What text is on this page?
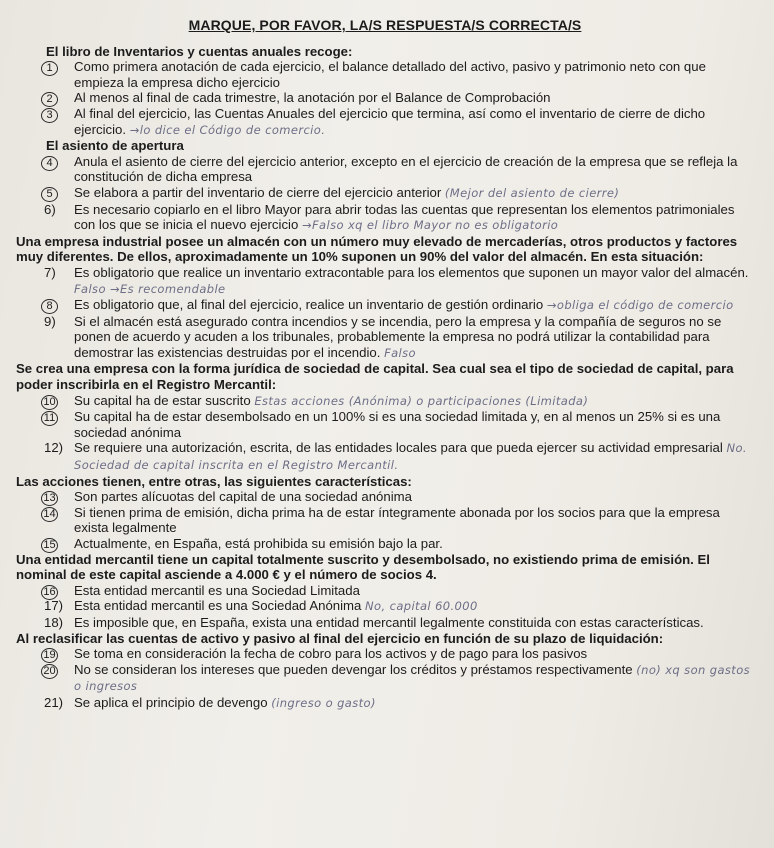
MARQUE, POR FAVOR, LA/S RESPUESTA/S CORRECTA/S
El libro de Inventarios y cuentas anuales recoge:
1	Como primera anotación de cada ejercicio, el balance detallado del activo, pasivo y patrimonio neto con que empieza la empresa dicho ejercicio
2	Al menos al final de cada trimestre, la anotación por el Balance de Comprobación
3	Al final del ejercicio, las Cuentas Anuales del ejercicio que termina, así como el inventario de cierre de dicho ejercicio. →lo dice el Código de comercio.
El asiento de apertura
4	Anula el asiento de cierre del ejercicio anterior, excepto en el ejercicio de creación de la empresa que se refleja la constitución de dicha empresa
5	Se elabora a partir del inventario de cierre del ejercicio anterior (Mejor del asiento de cierre)
6)	Es necesario copiarlo en el libro Mayor para abrir todas las cuentas que representan los elementos patrimoniales con los que se inicia el nuevo ejercicio →Falso xq el libro Mayor no es obligatorio
Una empresa industrial posee un almacén con un número muy elevado de mercaderías, otros productos y factores muy diferentes. De ellos, aproximadamente un 10% suponen un 90% del valor del almacén. En esta situación:
7)	Es obligatorio que realice un inventario extracontable para los elementos que suponen un mayor valor del almacén. Falso →Es recomendable
8	Es obligatorio que, al final del ejercicio, realice un inventario de gestión ordinario →obliga el código de comercio
9)	Si el almacén está asegurado contra incendios y se incendia, pero la empresa y la compañía de seguros no se ponen de acuerdo y acuden a los tribunales, probablemente la empresa no podrá utilizar la contabilidad para demostrar las existencias destruidas por el incendio. Falso
Se crea una empresa con la forma jurídica de sociedad de capital. Sea cual sea el tipo de sociedad de capital, para poder inscribirla en el Registro Mercantil:
10	Su capital ha de estar suscrito Estas acciones (Anónima) o participaciones (Limitada)
11	Su capital ha de estar desembolsado en un 100% si es una sociedad limitada y, en al menos un 25% si es una sociedad anónima
12) Se requiere una autorización, escrita, de las entidades locales para que pueda ejercer su actividad empresarial No. Sociedad de capital inscrita en el Registro Mercantil.
Las acciones tienen, entre otras, las siguientes características:
13	Son partes alícuotas del capital de una sociedad anónima
14	Si tienen prima de emisión, dicha prima ha de estar íntegramente abonada por los socios para que la empresa exista legalmente
15	Actualmente, en España, está prohibida su emisión bajo la par.
Una entidad mercantil tiene un capital totalmente suscrito y desembolsado, no existiendo prima de emisión. El nominal de este capital asciende a 4.000 € y el número de socios 4.
16	Esta entidad mercantil es una Sociedad Limitada
17) Esta entidad mercantil es una Sociedad Anónima No, capital 60.000
18) Es imposible que, en España, exista una entidad mercantil legalmente constituida con estas características.
Al reclasificar las cuentas de activo y pasivo al final del ejercicio en función de su plazo de liquidación:
19	Se toma en consideración la fecha de cobro para los activos y de pago para los pasivos
20	No se consideran los intereses que pueden devengar los créditos y préstamos respectivamente (no) xq son gastos o ingresos
21) Se aplica el principio de devengo (ingreso o gasto)
